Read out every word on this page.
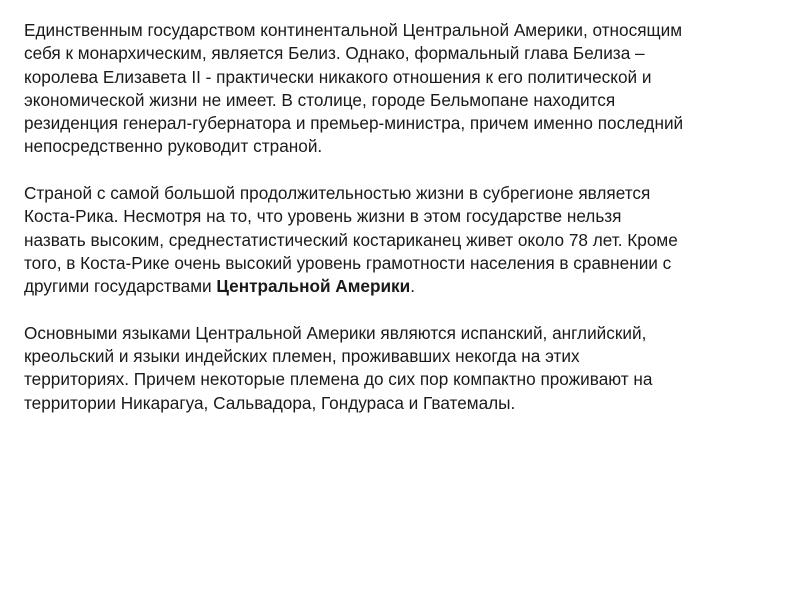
Единственным государством континентальной Центральной Америки, относящим
себя к монархическим, является Белиз. Однако, формальный глава Белиза –
королева Елизавета II - практически никакого отношения к его политической и
экономической жизни не имеет. В столице, городе Бельмопане находится
резиденция генерал-губернатора и премьер-министра, причем именно последний
непосредственно руководит страной.

Страной с самой большой продолжительностью жизни в субрегионе является
Коста-Рика. Несмотря на то, что уровень жизни в этом государстве нельзя
назвать высоким, среднестатистический костариканец живет около 78 лет. Кроме
того, в Коста-Рике очень высокий уровень грамотности населения в сравнении с
другими государствами Центральной Америки.

Основными языками Центральной Америки являются испанский, английский,
креольский и языки индейских племен, проживавших некогда на этих
территориях. Причем некоторые племена до сих пор компактно проживают на
территории Никарагуа, Сальвадора, Гондураса и Гватемалы.
